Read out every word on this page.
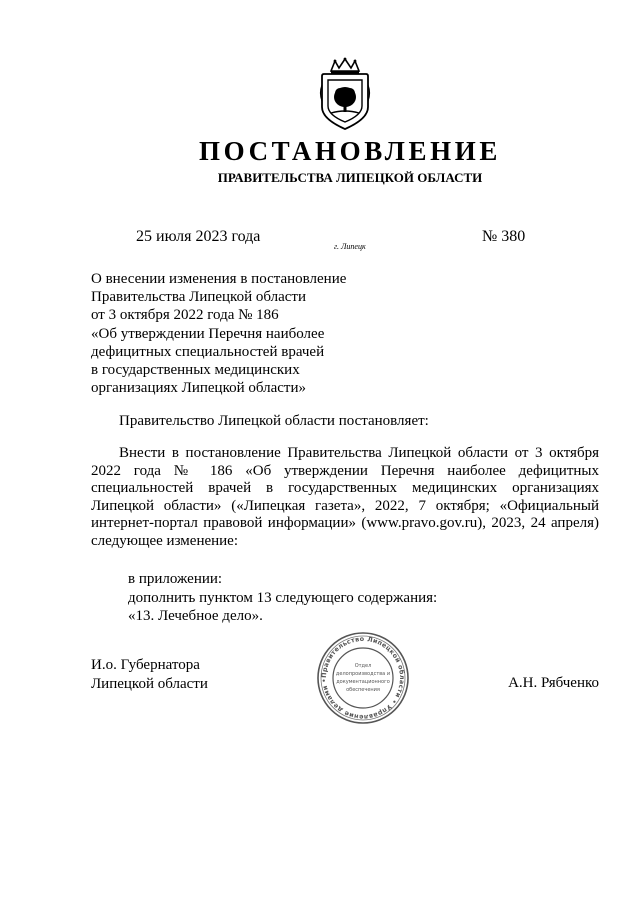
ПОСТАНОВЛЕНИЕ
ПРАВИТЕЛЬСТВА ЛИПЕЦКОЙ ОБЛАСТИ
25 июля 2023 года
г. Липецк
№ 380
О внесении изменения в постановление
Правительства Липецкой области
от 3 октября 2022 года № 186
«Об утверждении Перечня наиболее
дефицитных специальностей врачей
в государственных медицинских
организациях Липецкой области»
Правительство Липецкой области постановляет:
Внести в постановление Правительства Липецкой области от 3 октября
2022 года № 186 «Об утверждении Перечня наиболее дефицитных
специальностей врачей в государственных медицинских организациях
Липецкой области» («Липецкая газета», 2022, 7 октября; «Официальный
интернет-портал правовой информации» (www.pravo.gov.ru), 2023, 24 апреля)
следующее изменение:
в приложении:
дополнить пунктом 13 следующего содержания:
«13. Лечебное дело».
И.о. Губернатора
Липецкой области	А.Н. Рябченко
Правительство Липецкой области • Управление делами •
Отдел
делопроизводства и
документационного
обеспечения
